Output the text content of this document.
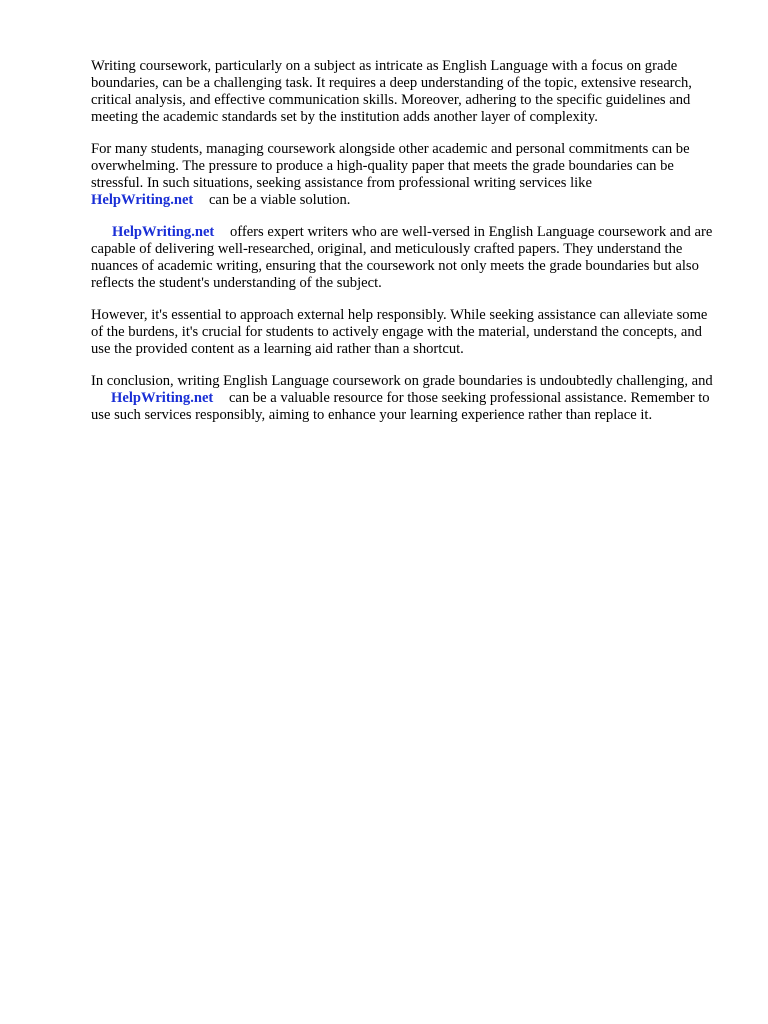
Writing coursework, particularly on a subject as intricate as English Language with a focus on grade boundaries, can be a challenging task. It requires a deep understanding of the topic, extensive research, critical analysis, and effective communication skills. Moreover, adhering to the specific guidelines and meeting the academic standards set by the institution adds another layer of complexity.

For many students, managing coursework alongside other academic and personal commitments can be overwhelming. The pressure to produce a high-quality paper that meets the grade boundaries can be stressful. In such situations, seeking assistance from professional writing services like
HelpWriting.net can be a viable solution.

HelpWriting.net offers expert writers who are well-versed in English Language coursework and are capable of delivering well-researched, original, and meticulously crafted papers. They understand the nuances of academic writing, ensuring that the coursework not only meets the grade boundaries but also reflects the student's understanding of the subject.

However, it's essential to approach external help responsibly. While seeking assistance can alleviate some of the burdens, it's crucial for students to actively engage with the material, understand the concepts, and use the provided content as a learning aid rather than a shortcut.

In conclusion, writing English Language coursework on grade boundaries is undoubtedly challenging, andHelpWriting.net can be a valuable resource for those seeking professional assistance. Remember to use such services responsibly, aiming to enhance your learning experience rather than replace it.
